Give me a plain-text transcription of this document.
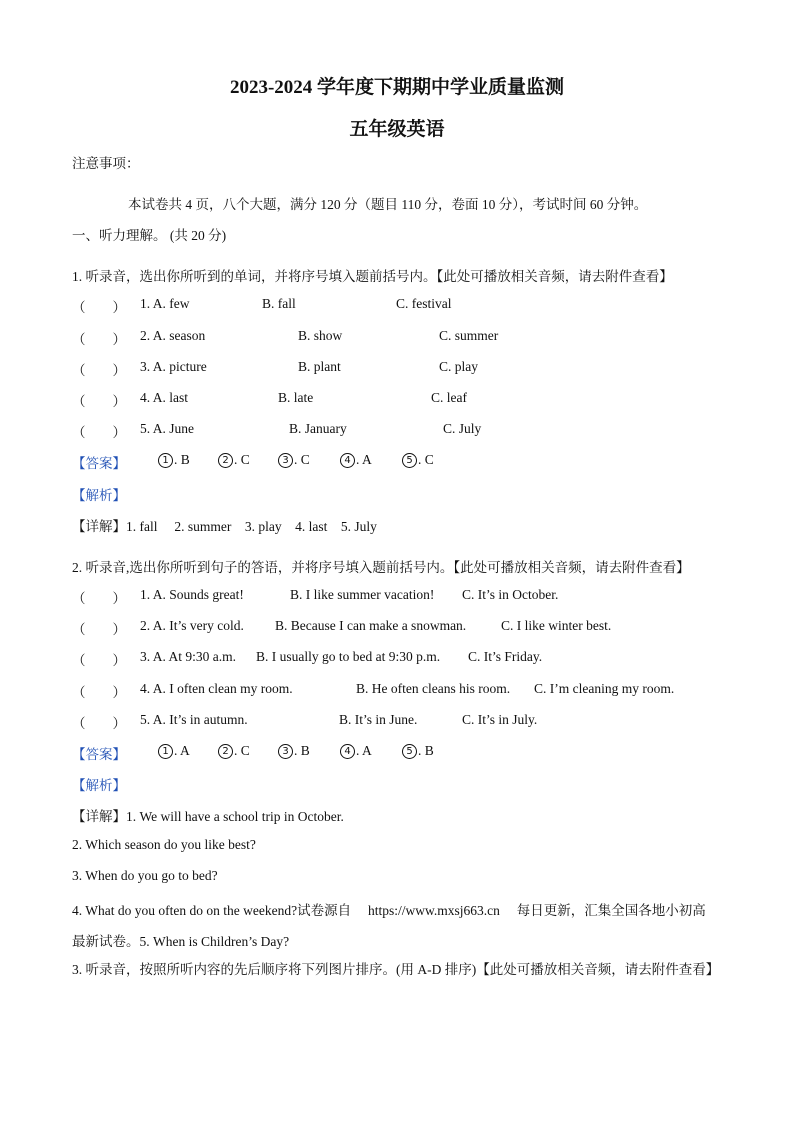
2023-2024 学年度下期期中学业质量监测
五年级英语
注意事项：
本试卷共 4 页，八个大题，满分 120 分（题目 110 分，卷面 10 分），考试时间 60 分钟。
一、听力理解。 (共 20 分)
1. 听录音，选出你所听到的单词，并将序号填入题前括号内。【此处可播放相关音频，请去附件查看】
（　　） 1. A. few	B. fall	C. festival
（　　） 2. A. season	B. show	C. summer
（　　） 3. A. picture	B. plant	C. play
（　　） 4. A. last	B. late	C. leaf
（　　） 5. A. June	B. January	C. July
【答案】	1 . B	2 . C	3 . C	4 . A	5 . C
【解析】
【详解】1. fall　 2. summer　3. play　4. last　5. July
2. 听录音,选出你所听到句子的答语，并将序号填入题前括号内。【此处可播放相关音频，请去附件查看】
（　　） 1. A. Sounds great!	B. I like summer vacation! C. It’s in October.
（　　） 2. A. It’s very cold. B. Because I can make a snowman.	C. I like winter best.
（　　） 3. A. At 9:30 a.m. B. I usually go to bed at 9:30 p.m. C. It’s Friday.
（　　） 4. A. I often clean my room.	B. He often cleans his room. C. I’m cleaning my room.
（　　） 5. A. It’s in autumn.	B. It’s in June.	C. It’s in July.
【答案】	1 . A	2 . C	3 . B	4 . A	5 . B
【解析】
【详解】1. We will have a school trip in October.
2. Which season do you like best?
3. When do you go to bed?
4. What do you often do on the weekend?试卷源自　 https://www.mxsj663.cn　 每日更新，汇集全国各地小初高
最新试卷。5. When is Children’s Day?
3. 听录音，按照所听内容的先后顺序将下列图片排序。(用 A-D 排序)【此处可播放相关音频，请去附件查看】
